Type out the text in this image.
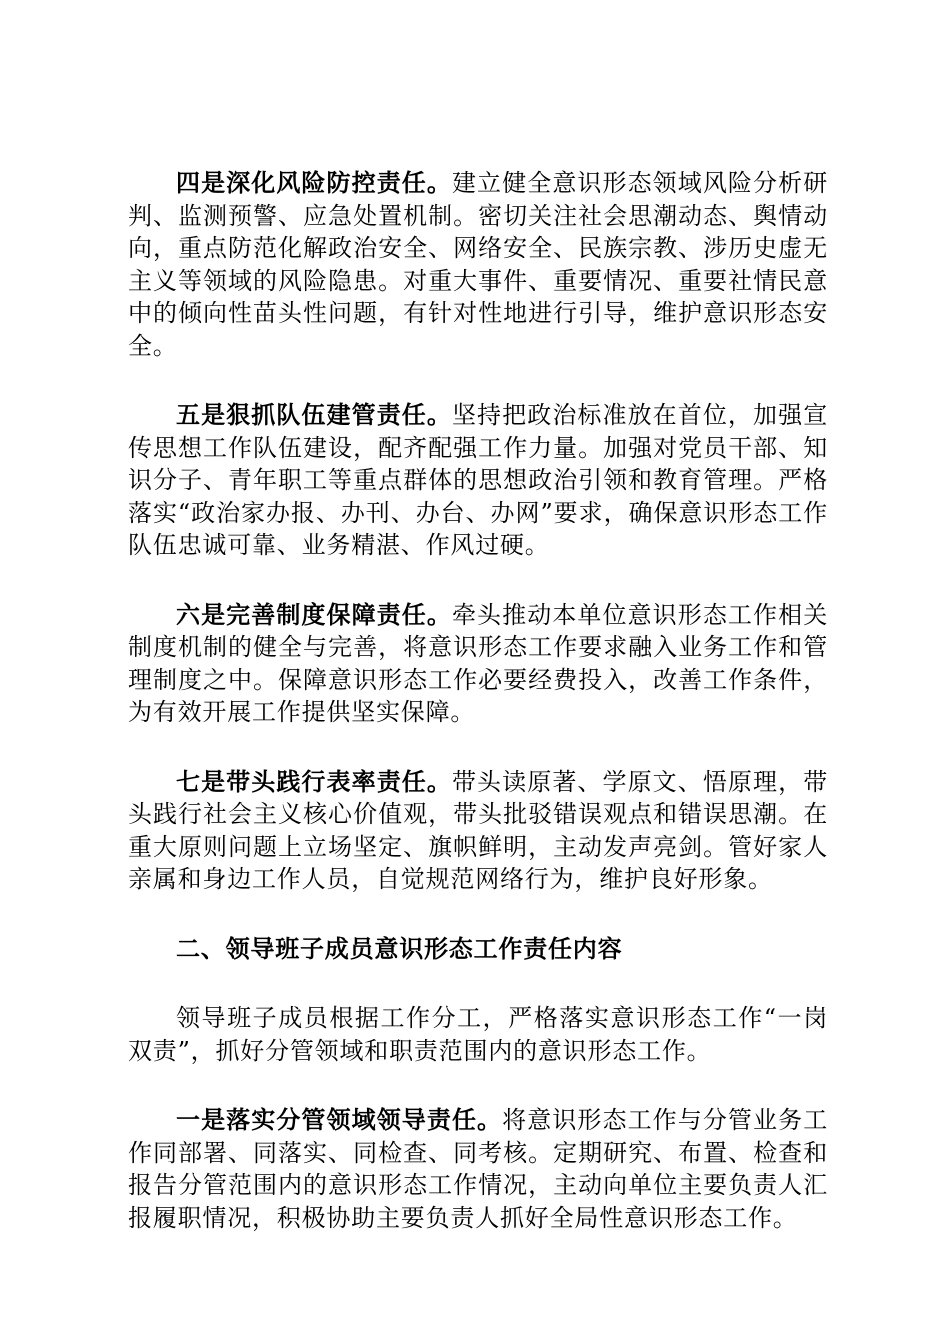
四是深化风险防控责任。建立健全意识形态领域风险分析研判、监测预警、应急处置机制。密切关注社会思潮动态、舆情动向，重点防范化解政治安全、网络安全、民族宗教、涉历史虚无主义等领域的风险隐患。对重大事件、重要情况、重要社情民意中的倾向性苗头性问题，有针对性地进行引导，维护意识形态安全。

五是狠抓队伍建管责任。坚持把政治标准放在首位，加强宣传思想工作队伍建设，配齐配强工作力量。加强对党员干部、知识分子、青年职工等重点群体的思想政治引领和教育管理。严格落实“政治家办报、办刊、办台、办网”要求，确保意识形态工作队伍忠诚可靠、业务精湛、作风过硬。

六是完善制度保障责任。牵头推动本单位意识形态工作相关制度机制的健全与完善，将意识形态工作要求融入业务工作和管理制度之中。保障意识形态工作必要经费投入，改善工作条件，为有效开展工作提供坚实保障。

七是带头践行表率责任。带头读原著、学原文、悟原理，带头践行社会主义核心价值观，带头批驳错误观点和错误思潮。在重大原则问题上立场坚定、旗帜鲜明，主动发声亮剑。管好家人亲属和身边工作人员，自觉规范网络行为，维护良好形象。

二、领导班子成员意识形态工作责任内容

领导班子成员根据工作分工，严格落实意识形态工作“一岗双责”，抓好分管领域和职责范围内的意识形态工作。

一是落实分管领域领导责任。将意识形态工作与分管业务工作同部署、同落实、同检查、同考核。定期研究、布置、检查和报告分管范围内的意识形态工作情况，主动向单位主要负责人汇报履职情况，积极协助主要负责人抓好全局性意识形态工作。
